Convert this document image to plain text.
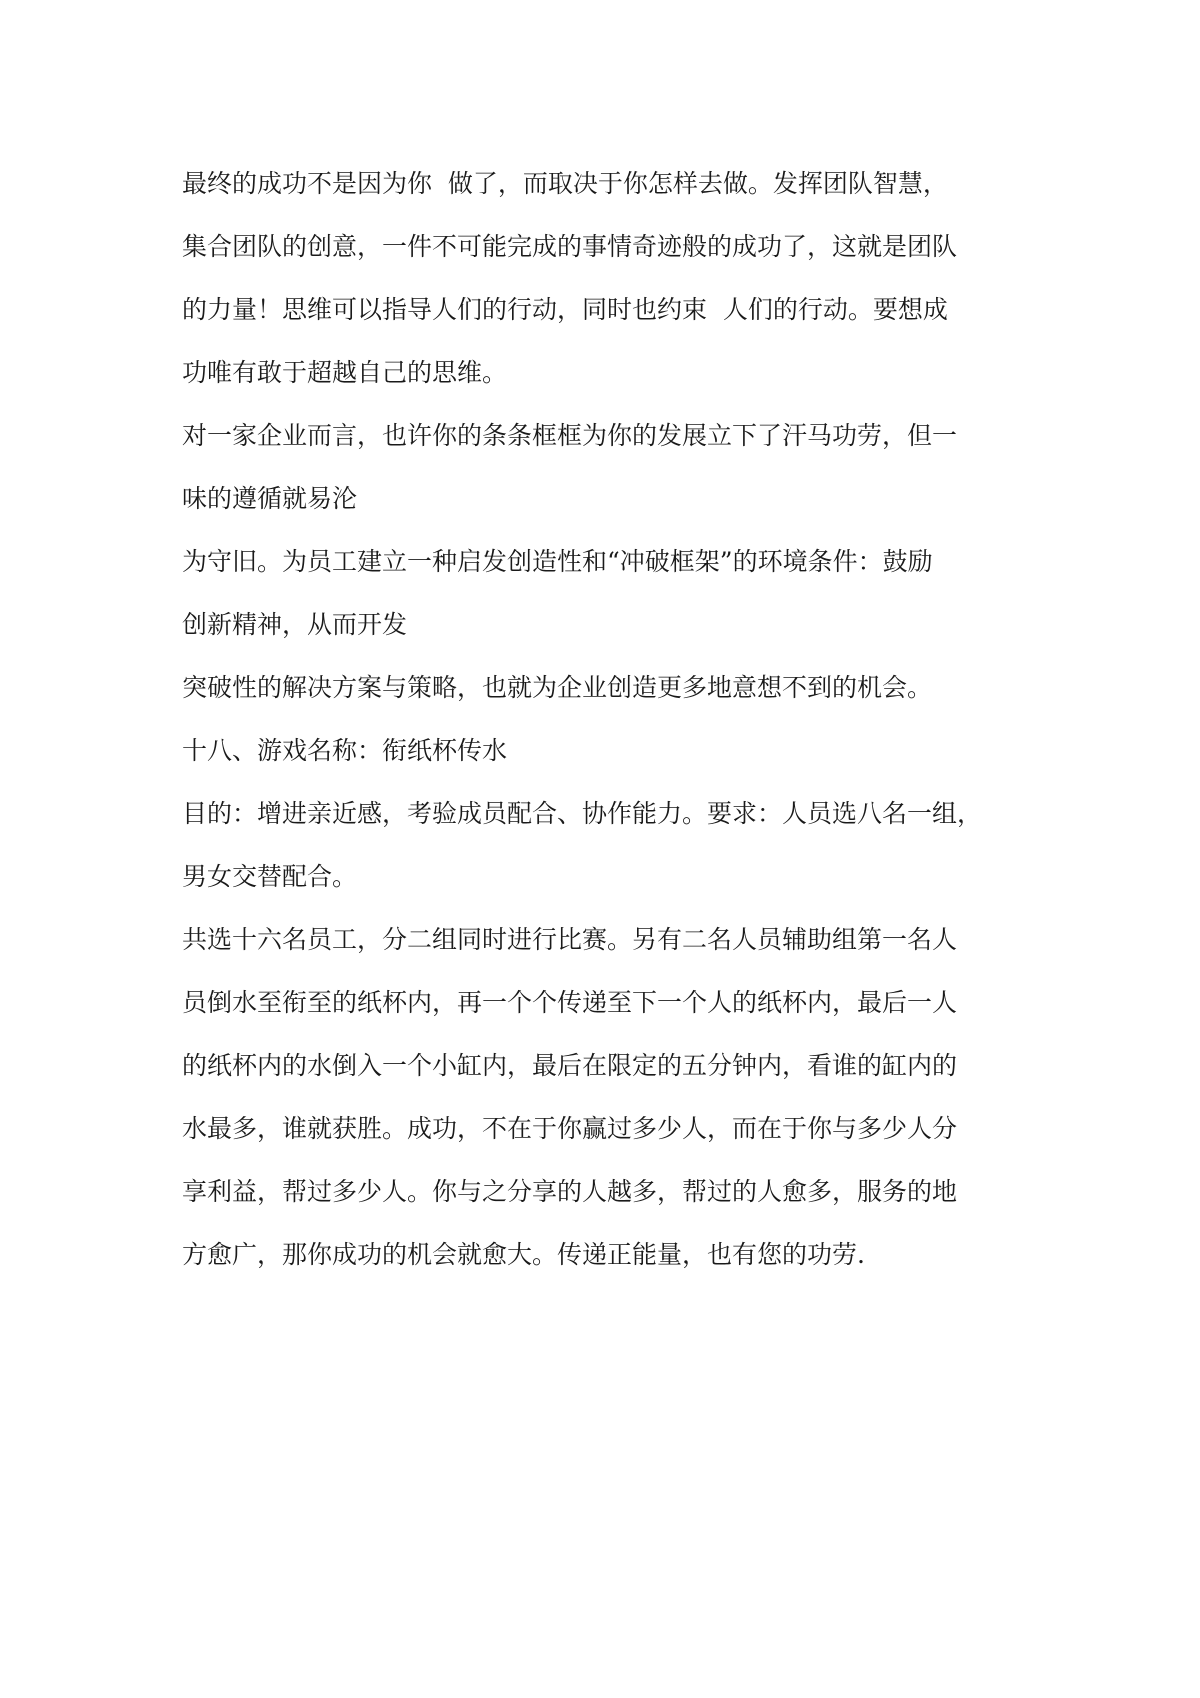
最终的成功不是因为你  做了，而取决于你怎样去做。发挥团队智慧，

集合团队的创意，一件不可能完成的事情奇迹般的成功了，这就是团队

的力量！思维可以指导人们的行动，同时也约束  人们的行动。要想成

功唯有敢于超越自己的思维。

对一家企业而言，也许你的条条框框为你的发展立下了汗马功劳，但一

味的遵循就易沦

为守旧。为员工建立一种启发创造性和“冲破框架”的环境条件：鼓励

创新精神，从而开发

突破性的解决方案与策略，也就为企业创造更多地意想不到的机会。

十八、游戏名称：衔纸杯传水

目的：增进亲近感，考验成员配合、协作能力。要求：人员选八名一组，

男女交替配合。

共选十六名员工，分二组同时进行比赛。另有二名人员辅助组第一名人

员倒水至衔至的纸杯内，再一个个传递至下一个人的纸杯内，最后一人

的纸杯内的水倒入一个小缸内，最后在限定的五分钟内，看谁的缸内的

水最多，谁就获胜。成功，不在于你赢过多少人，而在于你与多少人分

享利益，帮过多少人。你与之分享的人越多，帮过的人愈多，服务的地

方愈广，那你成功的机会就愈大。传递正能量，也有您的功劳.
